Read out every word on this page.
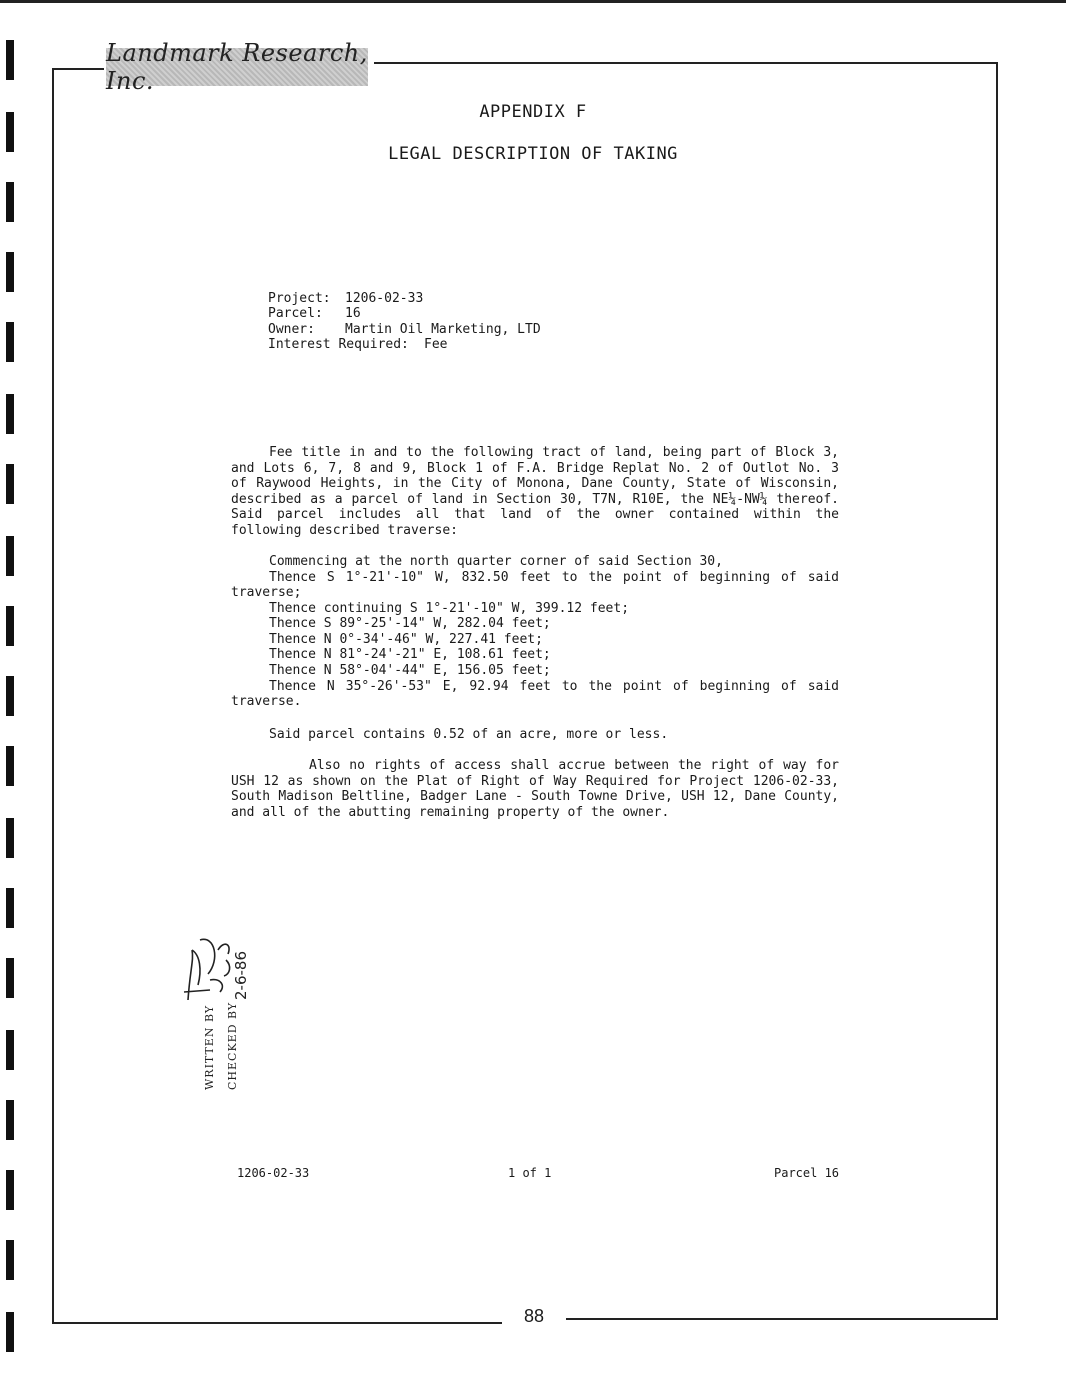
Landmark Research, Inc.
APPENDIX F
LEGAL DESCRIPTION OF TAKING
Project: 1206-02-33
Parcel: 16
Owner: Martin Oil Marketing, LTD
Interest Required: Fee

Fee title in and to the following tract of land, being part of Block 3, and Lots 6, 7, 8 and 9, Block 1 of F.A. Bridge Replat No. 2 of Outlot No. 3 of Raywood Heights, in the City of Monona, Dane County, State of Wisconsin, described as a parcel of land in Section 30, T7N, R10E, the NE¼-NW¼ thereof. Said parcel includes all that land of the owner contained within the following described traverse:

Commencing at the north quarter corner of said Section 30,
Thence S 1°-21'-10" W, 832.50 feet to the point of beginning of said
traverse;
Thence continuing S 1°-21'-10" W, 399.12 feet;
Thence S 89°-25'-14" W, 282.04 feet;
Thence N 0°-34'-46" W, 227.41 feet;
Thence N 81°-24'-21" E, 108.61 feet;
Thence N 58°-04'-44" E, 156.05 feet;
Thence N 35°-26'-53" E, 92.94 feet to the point of beginning of said
traverse.
Said parcel contains 0.52 of an acre, more or less.

Also no rights of access shall accrue between the right of way for USH 12 as shown on the Plat of Right of Way Required for Project 1206-02-33, South Madison Beltline, Badger Lane - South Towne Drive, USH 12, Dane County, and all of the abutting remaining property of the owner.

WRITTEN BY CHECKED BY
2-6-86
1206-02-33	1 of 1	Parcel 16
88
